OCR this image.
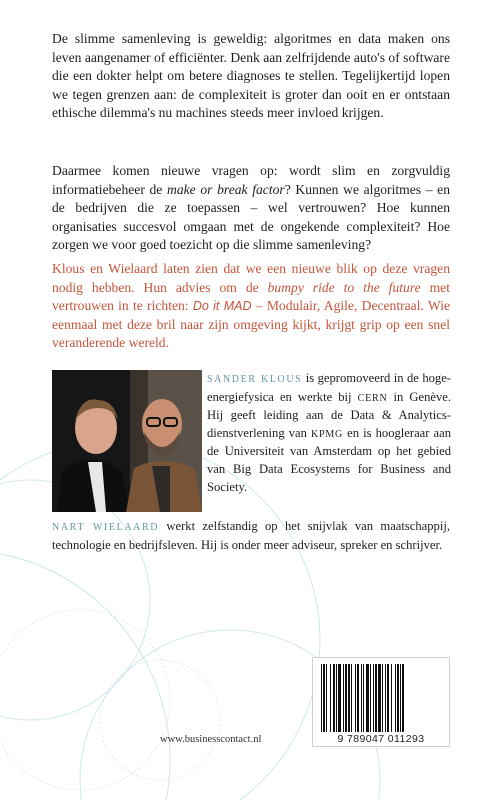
De slimme samenleving is geweldig: algoritmes en data maken ons leven aangenamer of efficiënter. Denk aan zelfrijdende auto's of software die een dokter helpt om betere diagnoses te stellen. Tegelijkertijd lopen we tegen grenzen aan: de complexiteit is groter dan ooit en er ontstaan ethische dilemma's nu machines steeds meer invloed krijgen.

Daarmee komen nieuwe vragen op: wordt slim en zorgvuldig informatiebeheer de make or break factor? Kunnen we algoritmes – en de bedrijven die ze toepassen – wel vertrouwen? Hoe kunnen organisaties succesvol omgaan met de ongekende complexiteit? Hoe zorgen we voor goed toezicht op die slimme samenleving?

Klous en Wielaard laten zien dat we een nieuwe blik op deze vragen nodig hebben. Hun advies om de bumpy ride to the future met vertrouwen in te richten: Do it MAD – Modulair, Agile, Decentraal. Wie eenmaal met deze bril naar zijn omgeving kijkt, krijgt grip op een snel veranderende wereld.

SANDER KLOUS is gepromoveerd in de hoge-energiefysica en werkte bij CERN in Genève. Hij geeft leiding aan de Data & Analytics-dienstverlening van KPMG en is hoogleraar aan de Universiteit van Amsterdam op het gebied van Big Data Ecosystems for Business and Society.

NART WIELAARD werkt zelfstandig op het snijvlak van maatschappij, technologie en bedrijfsleven. Hij is onder meer adviseur, spreker en schrijver.

www.businesscontact.nl	9 789047 011293
